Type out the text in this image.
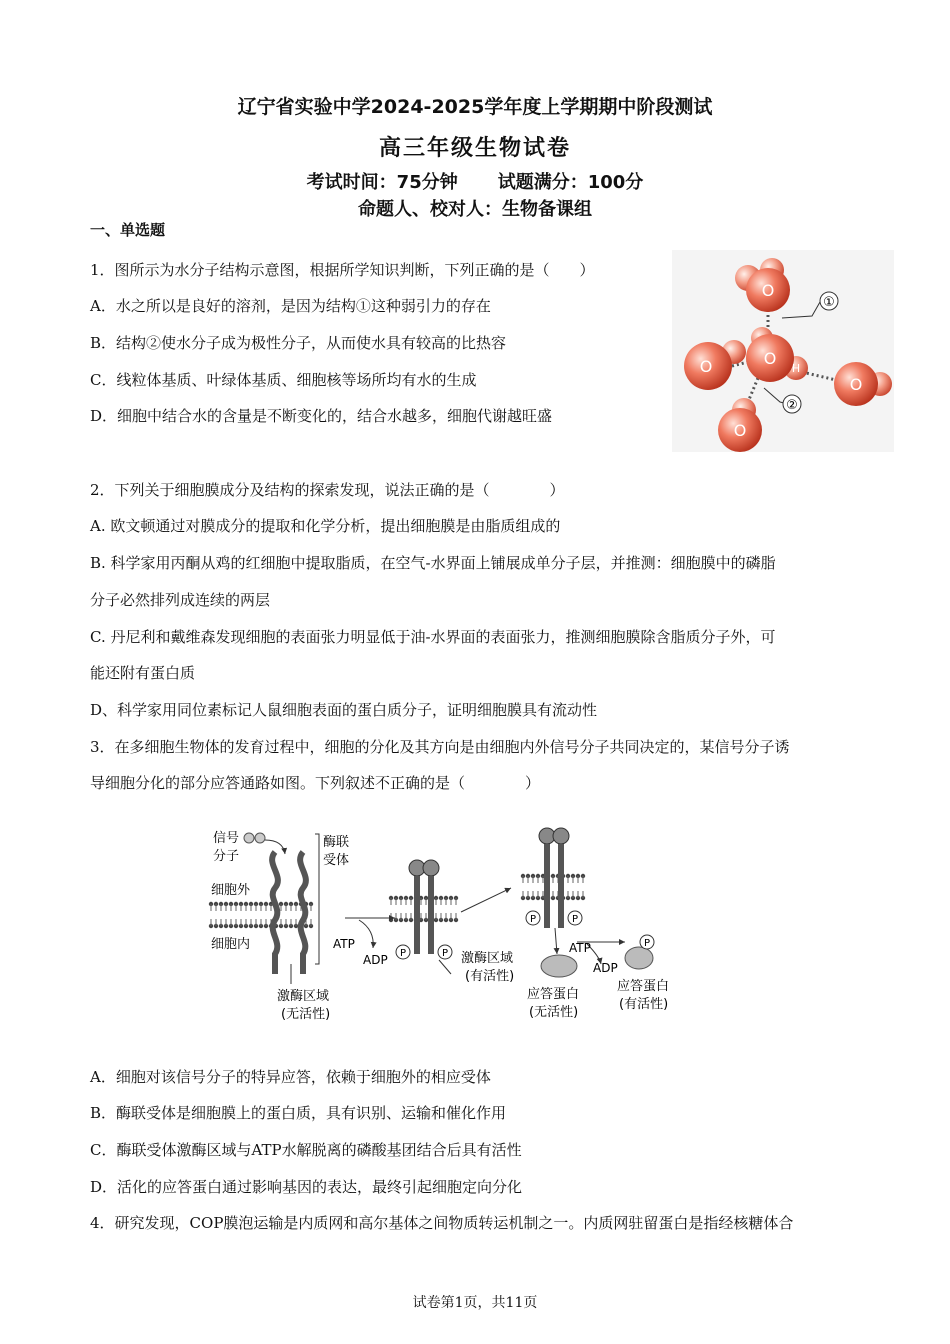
辽宁省实验中学2024-2025学年度上学期期中阶段测试
高三年级生物试卷
考试时间：75分钟 试题满分：100分
命题人、校对人：生物备课组
一、单选题
1．图所示为水分子结构示意图，根据所学知识判断，下列正确的是（　　）
A．水之所以是良好的溶剂，是因为结构①这种弱引力的存在
B．结构②使水分子成为极性分子，从而使水具有较高的比热容
C．线粒体基质、叶绿体基质、细胞核等场所均有水的生成
D．细胞中结合水的含量是不断变化的，结合水越多，细胞代谢越旺盛
O
O
H
O
O
O
①
②
2．下列关于细胞膜成分及结构的探索发现，说法正确的是（　　　　）
A. 欧文顿通过对膜成分的提取和化学分析，提出细胞膜是由脂质组成的
B. 科学家用丙酮从鸡的红细胞中提取脂质，在空气-水界面上铺展成单分子层，并推测：细胞膜中的磷脂
分子必然排列成连续的两层
C. 丹尼利和戴维森发现细胞的表面张力明显低于油-水界面的表面张力，推测细胞膜除含脂质分子外，可
能还附有蛋白质
D、科学家用同位素标记人鼠细胞表面的蛋白质分子，证明细胞膜具有流动性
3．在多细胞生物体的发育过程中，细胞的分化及其方向是由细胞内外信号分子共同决定的，某信号分子诱
导细胞分化的部分应答通路如图。下列叙述不正确的是（　　　　）
信号
分子
细胞外
细胞内
酶联
受体
激酶区域
(无活性)
ATP
ADP P	P 激酶区域
(有活性)
P	P
ATP
ADP
P
应答蛋白
(无活性)
应答蛋白
(有活性)
A．细胞对该信号分子的特异应答，依赖于细胞外的相应受体
B．酶联受体是细胞膜上的蛋白质，具有识别、运输和催化作用
C．酶联受体激酶区域与ATP水解脱离的磷酸基团结合后具有活性
D．活化的应答蛋白通过影响基因的表达，最终引起细胞定向分化
4．研究发现，COP膜泡运输是内质网和高尔基体之间物质转运机制之一。内质网驻留蛋白是指经核糖体合
试卷第1页，共11页
